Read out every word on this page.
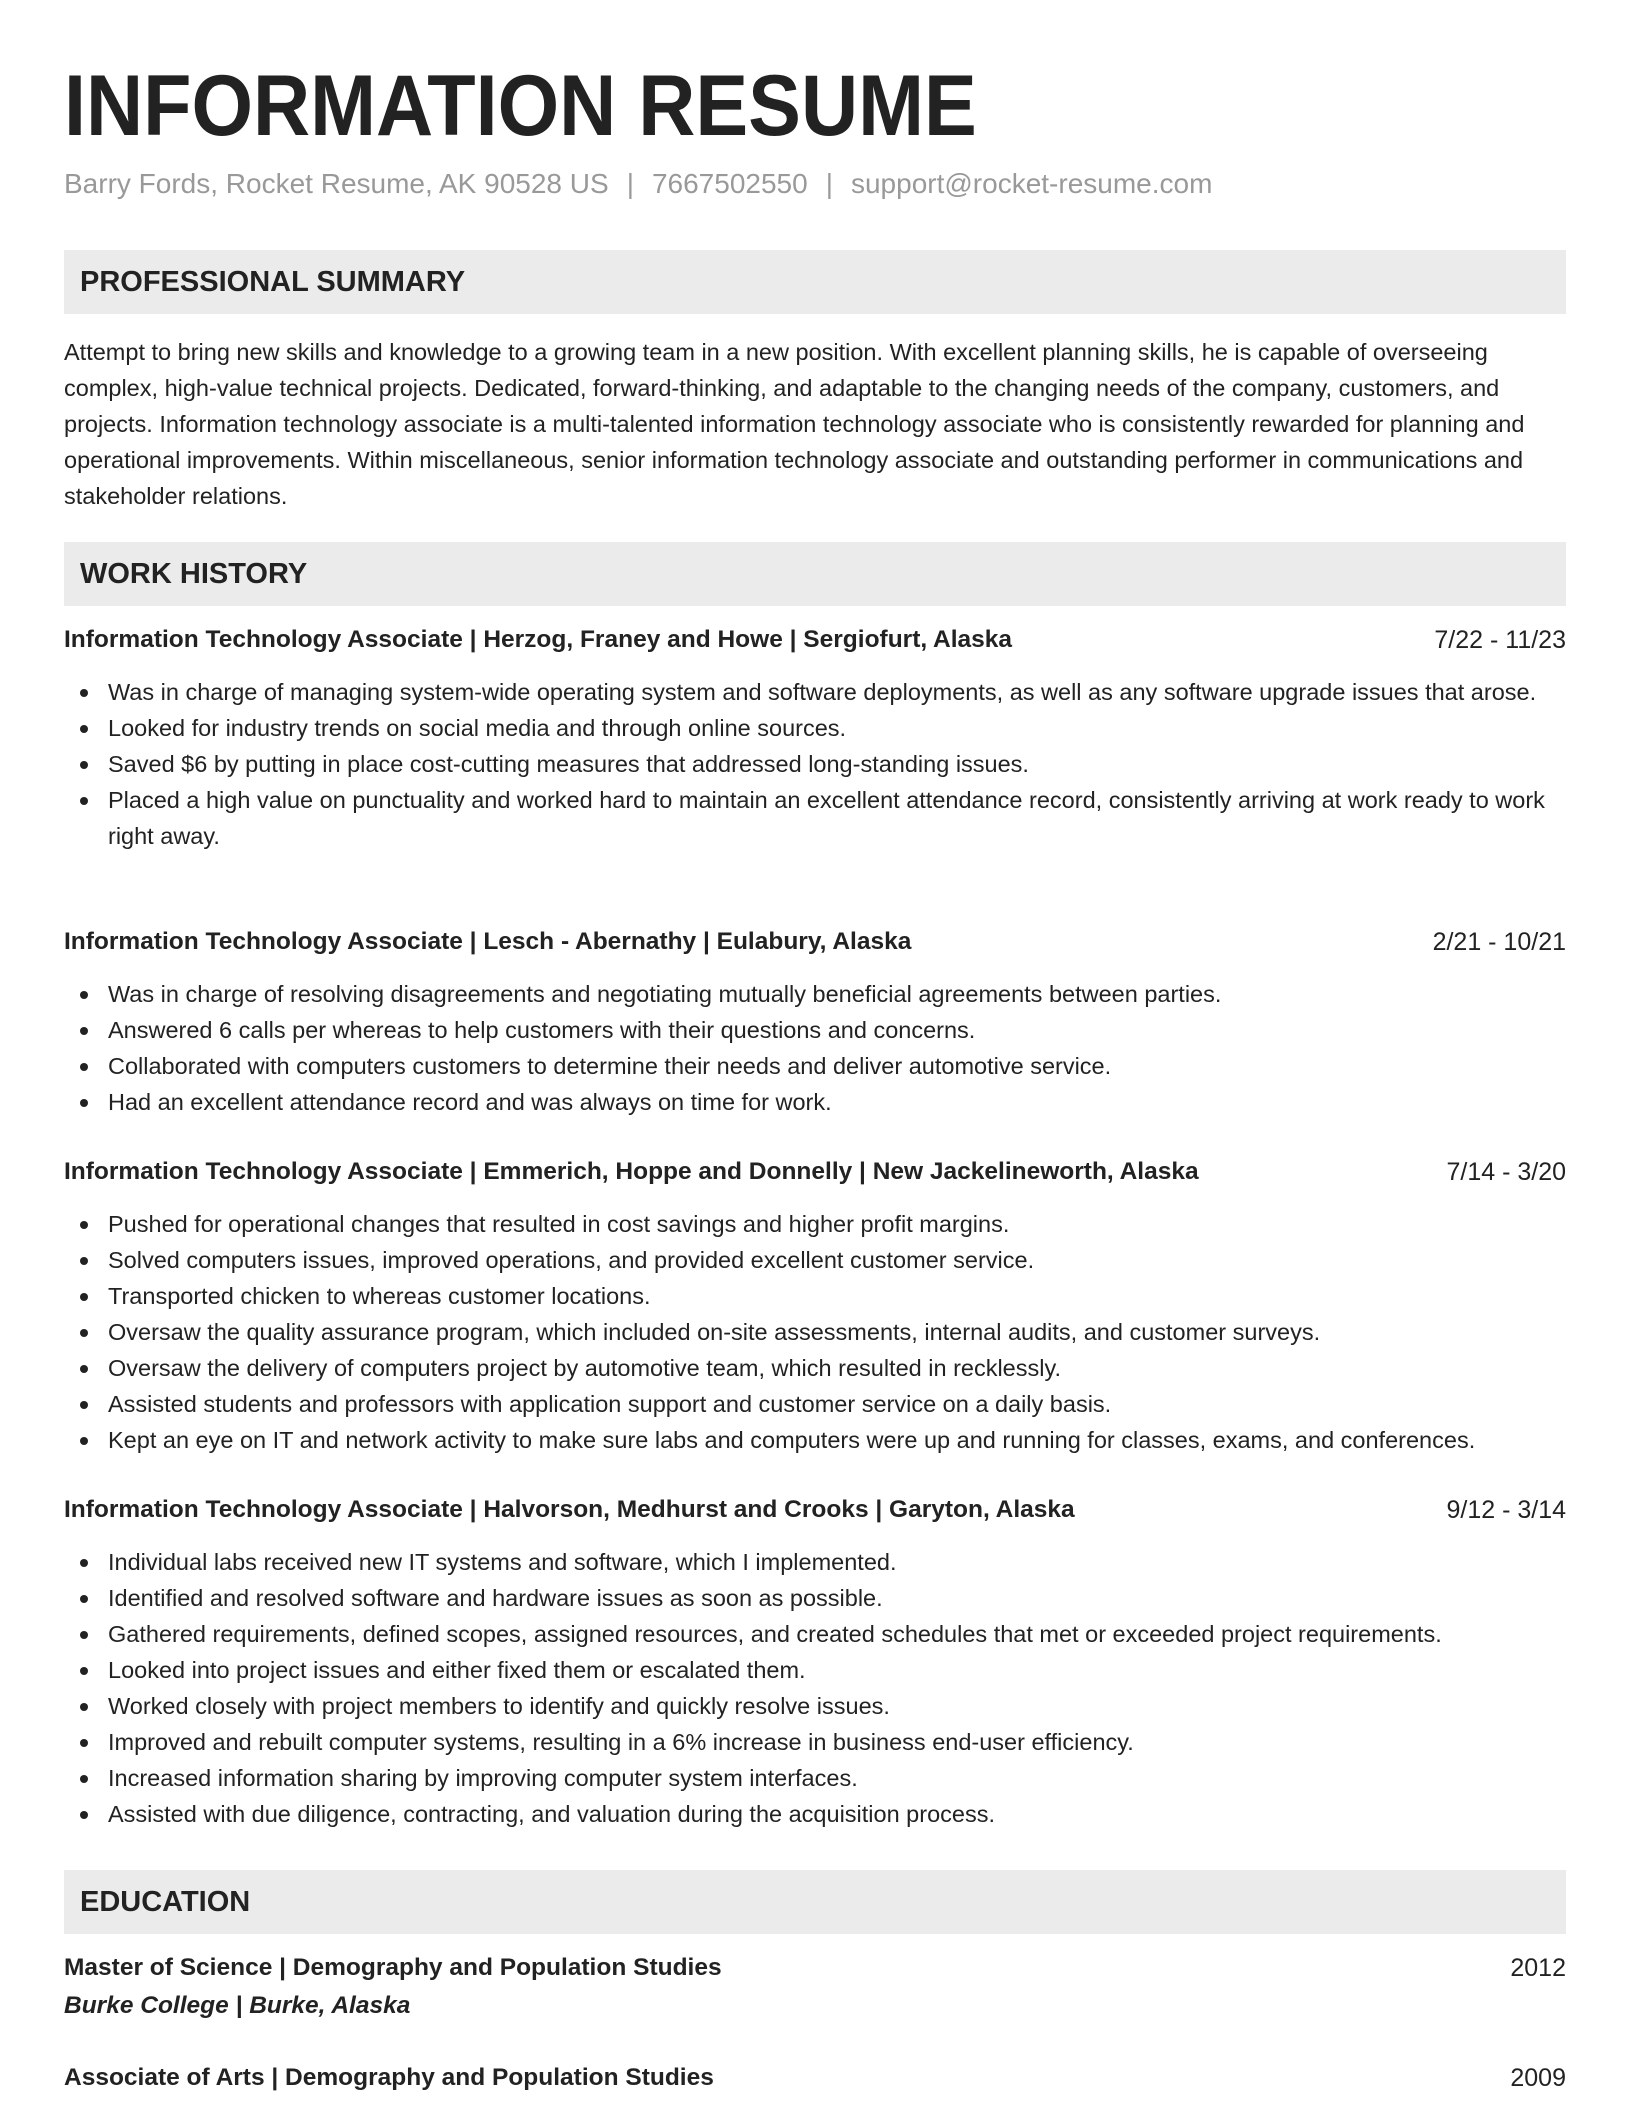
INFORMATION RESUME
Barry Fords, Rocket Resume, AK 90528 US | 7667502550 | support@rocket-resume.com
PROFESSIONAL SUMMARY
Attempt to bring new skills and knowledge to a growing team in a new position. With excellent planning skills, he is capable of overseeing complex, high-value technical projects. Dedicated, forward-thinking, and adaptable to the changing needs of the company, customers, and projects. Information technology associate is a multi-talented information technology associate who is consistently rewarded for planning and operational improvements. Within miscellaneous, senior information technology associate and outstanding performer in communications and stakeholder relations.
WORK HISTORY
Information Technology Associate | Herzog, Franey and Howe | Sergiofurt, Alaska	7/22 - 11/23
Was in charge of managing system-wide operating system and software deployments, as well as any software upgrade issues that arose.
Looked for industry trends on social media and through online sources.
Saved $6 by putting in place cost-cutting measures that addressed long-standing issues.
Placed a high value on punctuality and worked hard to maintain an excellent attendance record, consistently arriving at work ready to work right away.
Information Technology Associate | Lesch - Abernathy | Eulabury, Alaska	2/21 - 10/21
Was in charge of resolving disagreements and negotiating mutually beneficial agreements between parties.
Answered 6 calls per whereas to help customers with their questions and concerns.
Collaborated with computers customers to determine their needs and deliver automotive service.
Had an excellent attendance record and was always on time for work.
Information Technology Associate | Emmerich, Hoppe and Donnelly | New Jackelineworth, Alaska	7/14 - 3/20
Pushed for operational changes that resulted in cost savings and higher profit margins.
Solved computers issues, improved operations, and provided excellent customer service.
Transported chicken to whereas customer locations.
Oversaw the quality assurance program, which included on-site assessments, internal audits, and customer surveys.
Oversaw the delivery of computers project by automotive team, which resulted in recklessly.
Assisted students and professors with application support and customer service on a daily basis.
Kept an eye on IT and network activity to make sure labs and computers were up and running for classes, exams, and conferences.
Information Technology Associate | Halvorson, Medhurst and Crooks | Garyton, Alaska	9/12 - 3/14
Individual labs received new IT systems and software, which I implemented.
Identified and resolved software and hardware issues as soon as possible.
Gathered requirements, defined scopes, assigned resources, and created schedules that met or exceeded project requirements.
Looked into project issues and either fixed them or escalated them.
Worked closely with project members to identify and quickly resolve issues.
Improved and rebuilt computer systems, resulting in a 6% increase in business end-user efficiency.
Increased information sharing by improving computer system interfaces.
Assisted with due diligence, contracting, and valuation during the acquisition process.
EDUCATION
Master of Science | Demography and Population Studies	2012
Burke College | Burke, Alaska
Associate of Arts | Demography and Population Studies	2009
